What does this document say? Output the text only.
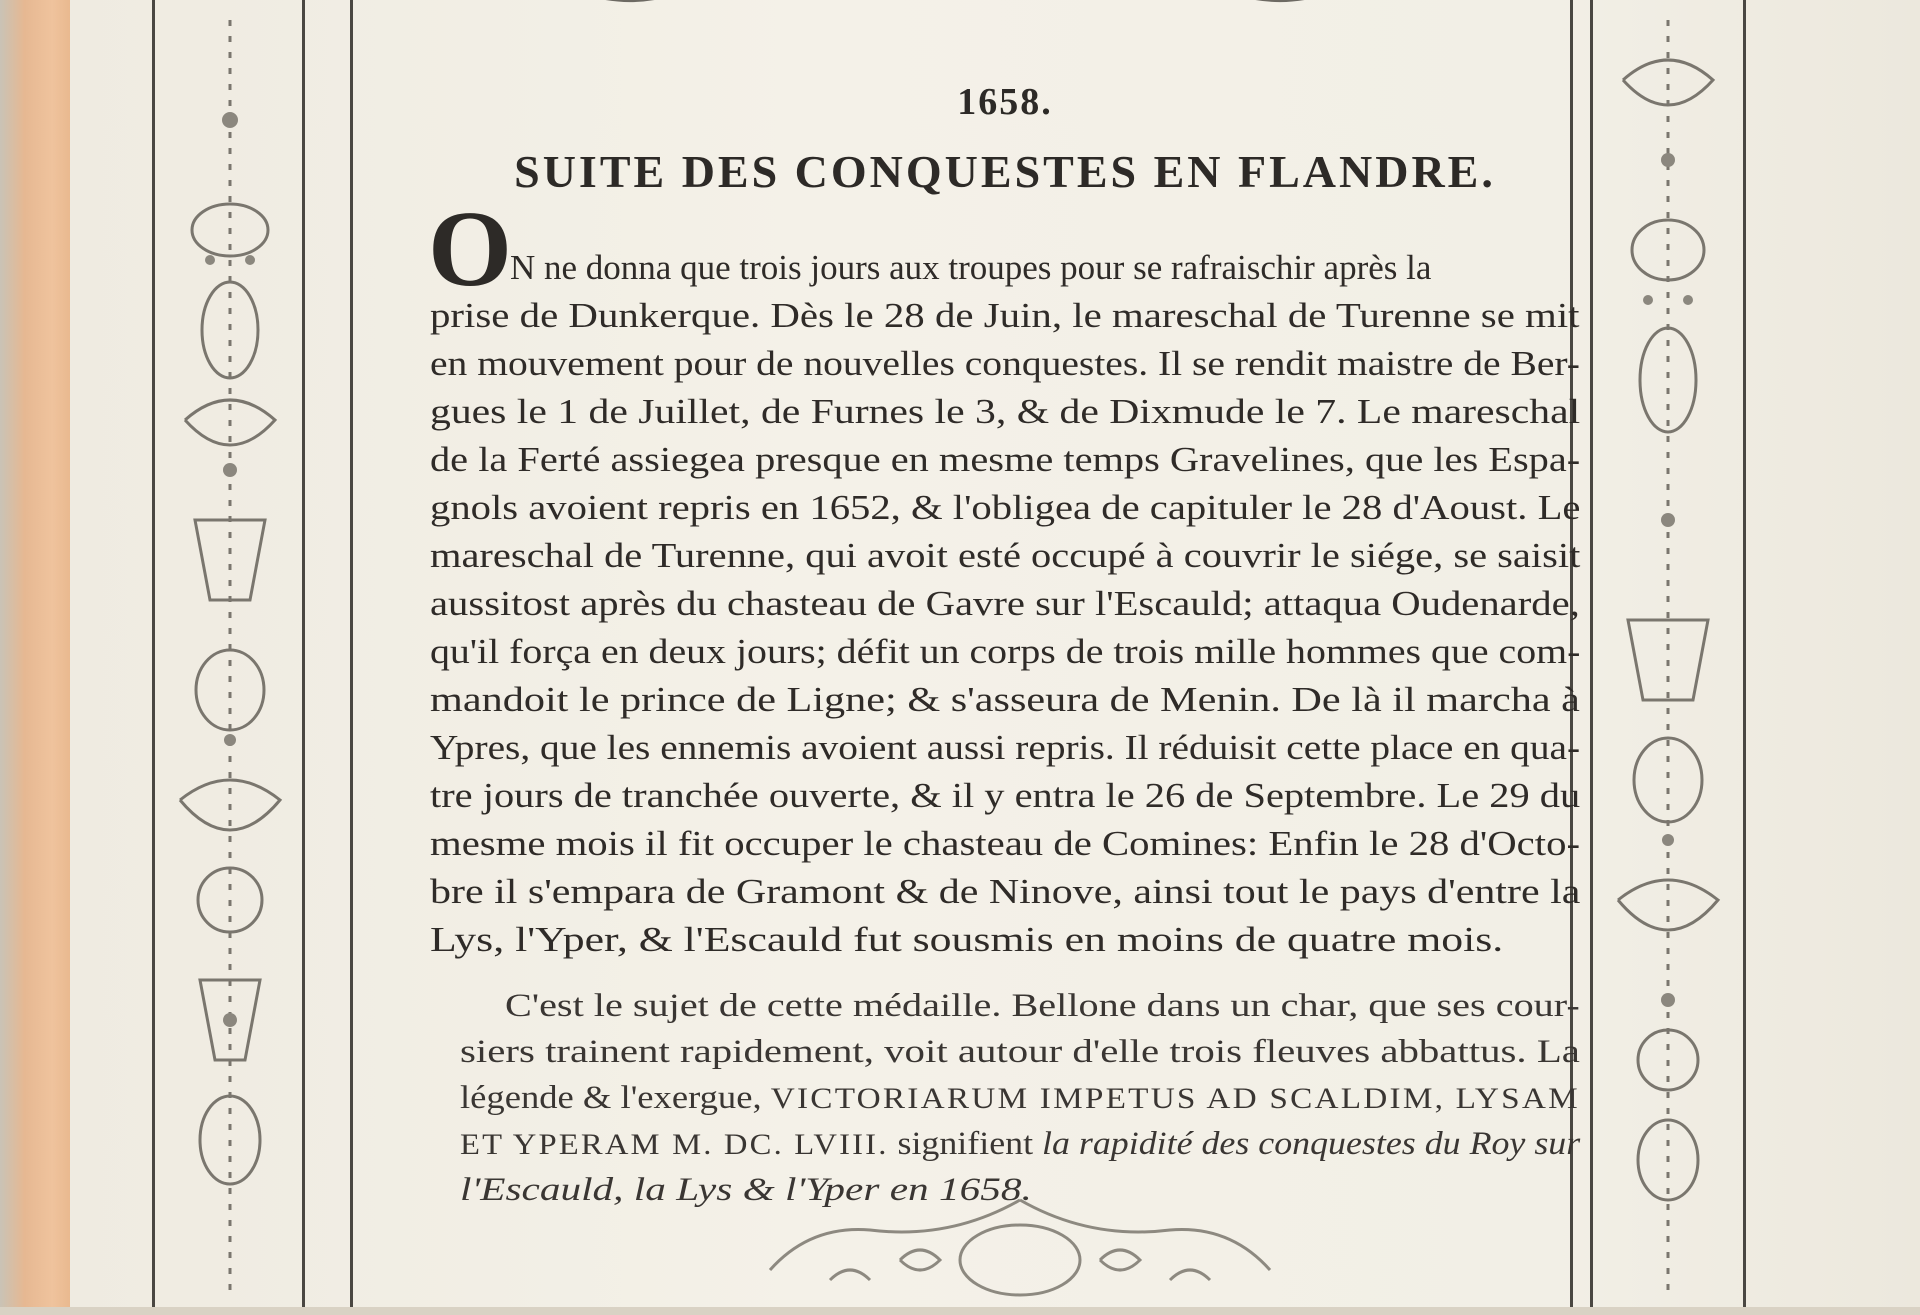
1658.
SUITE DES CONQUESTES EN FLANDRE.
O
N ne donna que trois jours aux troupes pour se rafraischir après la
prise de Dunkerque. Dès le 28 de Juin, le mareschal de Turenne se mit
en mouvement pour de nouvelles conquestes. Il se rendit maistre de Ber-
gues le 1 de Juillet, de Furnes le 3, & de Dixmude le 7. Le mareschal
de la Ferté assiegea presque en mesme temps Gravelines, que les Espa-
gnols avoient repris en 1652, & l'obligea de capituler le 28 d'Aoust. Le
mareschal de Turenne, qui avoit esté occupé à couvrir le siége, se saisit
aussitost après du chasteau de Gavre sur l'Escauld; attaqua Oudenarde,
qu'il força en deux jours; défit un corps de trois mille hommes que com-
mandoit le prince de Ligne; & s'asseura de Menin. De là il marcha à
Ypres, que les ennemis avoient aussi repris. Il réduisit cette place en qua-
tre jours de tranchée ouverte, & il y entra le 26 de Septembre. Le 29 du
mesme mois il fit occuper le chasteau de Comines: Enfin le 28 d'Octo-
bre il s'empara de Gramont & de Ninove, ainsi tout le pays d'entre la
Lys, l'Yper, & l'Escauld fut sousmis en moins de quatre mois.
C'est le sujet de cette médaille. Bellone dans un char, que ses cour-
siers trainent rapidement, voit autour d'elle trois fleuves abbattus. La
légende & l'exergue, VICTORIARUM IMPETUS AD SCALDIM, LYSAM
ET YPERAM M. DC. LVIII. signifient la rapidité des conquestes du Roy sur
l'Escauld, la Lys & l'Yper en 1658.
